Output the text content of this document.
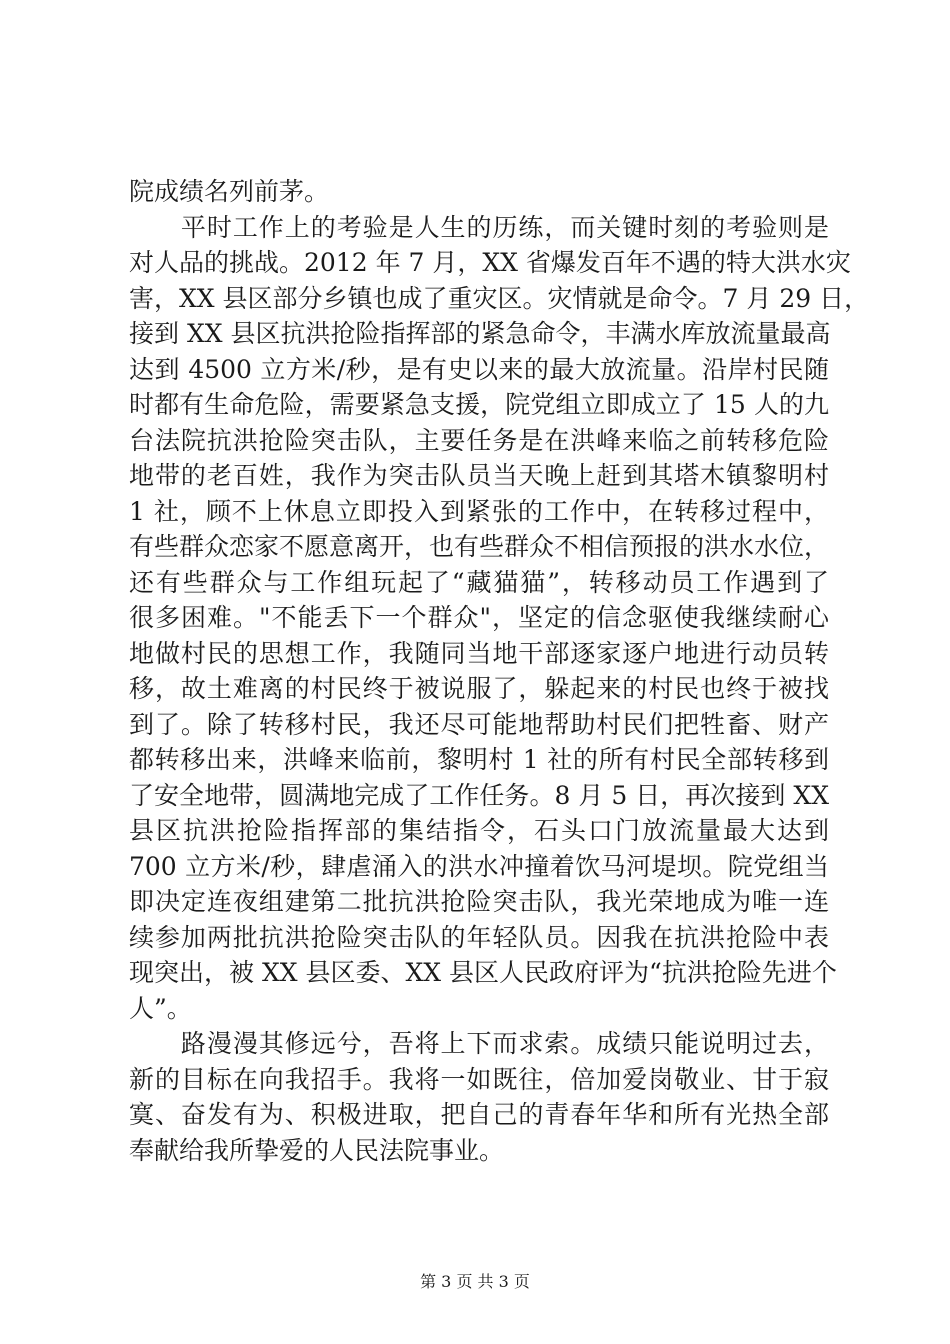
院成绩名列前茅。
　　平时工作上的考验是人生的历练，而关键时刻的考验则是
对人品的挑战。2012 年 7 月，XX 省爆发百年不遇的特大洪水灾
害，XX 县区部分乡镇也成了重灾区。灾情就是命令。7 月 29 日，
接到 XX 县区抗洪抢险指挥部的紧急命令，丰满水库放流量最高
达到 4500 立方米/秒，是有史以来的最大放流量。沿岸村民随
时都有生命危险，需要紧急支援，院党组立即成立了 15 人的九
台法院抗洪抢险突击队，主要任务是在洪峰来临之前转移危险
地带的老百姓，我作为突击队员当天晚上赶到其塔木镇黎明村
1 社，顾不上休息立即投入到紧张的工作中，在转移过程中，
有些群众恋家不愿意离开，也有些群众不相信预报的洪水水位，
还有些群众与工作组玩起了“藏猫猫”，转移动员工作遇到了
很多困难。"不能丢下一个群众"，坚定的信念驱使我继续耐心
地做村民的思想工作，我随同当地干部逐家逐户地进行动员转
移，故土难离的村民终于被说服了，躲起来的村民也终于被找
到了。除了转移村民，我还尽可能地帮助村民们把牲畜、财产
都转移出来，洪峰来临前，黎明村 1 社的所有村民全部转移到
了安全地带，圆满地完成了工作任务。8 月 5 日，再次接到 XX
县区抗洪抢险指挥部的集结指令，石头口门放流量最大达到
700 立方米/秒，肆虐涌入的洪水冲撞着饮马河堤坝。院党组当
即决定连夜组建第二批抗洪抢险突击队，我光荣地成为唯一连
续参加两批抗洪抢险突击队的年轻队员。因我在抗洪抢险中表
现突出，被 XX 县区委、XX 县区人民政府评为“抗洪抢险先进个
人”。
　　路漫漫其修远兮，吾将上下而求索。成绩只能说明过去，
新的目标在向我招手。我将一如既往，倍加爱岗敬业、甘于寂
寞、奋发有为、积极进取，把自己的青春年华和所有光热全部
奉献给我所挚爱的人民法院事业。
第 3 页 共 3 页
